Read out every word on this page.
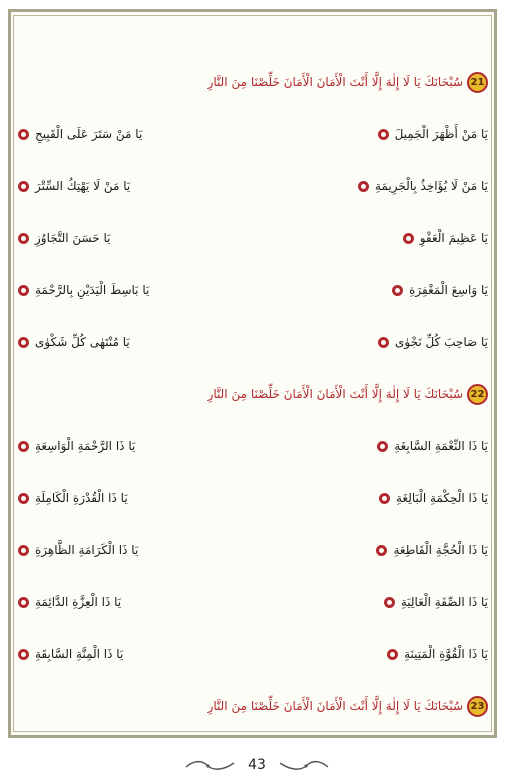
21
سُبْحَانَكَ يَا لَا إِلٰهَ إِلَّا أَنْتَ الْأَمَانَ الْأَمَانَ خَلِّصْنَا مِنَ النَّارِ
يَا مَنْ أَظْهَرَ الْجَمِيلَ
يَا مَنْ سَتَرَ عَلَى الْقَبِيحِ
يَا مَنْ لَا يُؤَاخِذُ بِالْجَرِيمَةِ
يَا مَنْ لَا يَهْتِكُ السِّتْرَ
يَا عَظِيمَ الْعَفْوِ
يَا حَسَنَ التَّجَاوُزِ
يَا وَاسِعَ الْمَغْفِرَةِ
يَا بَاسِطَ الْيَدَيْنِ بِالرَّحْمَةِ
يَا صَاحِبَ كُلِّ نَجْوٰى
يَا مُنْتَهٰى كُلِّ شَكْوٰى
22
سُبْحَانَكَ يَا لَا إِلٰهَ إِلَّا أَنْتَ الْأَمَانَ الْأَمَانَ خَلِّصْنَا مِنَ النَّارِ
يَا ذَا النِّعْمَةِ السَّابِغَةِ
يَا ذَا الرَّحْمَةِ الْوَاسِعَةِ
يَا ذَا الْحِكْمَةِ الْبَالِغَةِ
يَا ذَا الْقُدْرَةِ الْكَامِلَةِ
يَا ذَا الْحُجَّةِ الْقَاطِعَةِ
يَا ذَا الْكَرَامَةِ الظَّاهِرَةِ
يَا ذَا الصِّفَةِ الْعَالِيَةِ
يَا ذَا الْعِزَّةِ الدَّائِمَةِ
يَا ذَا الْقُوَّةِ الْمَتِينَةِ
يَا ذَا الْمِنَّةِ السَّابِقَةِ
23
سُبْحَانَكَ يَا لَا إِلٰهَ إِلَّا أَنْتَ الْأَمَانَ الْأَمَانَ خَلِّصْنَا مِنَ النَّارِ
43
